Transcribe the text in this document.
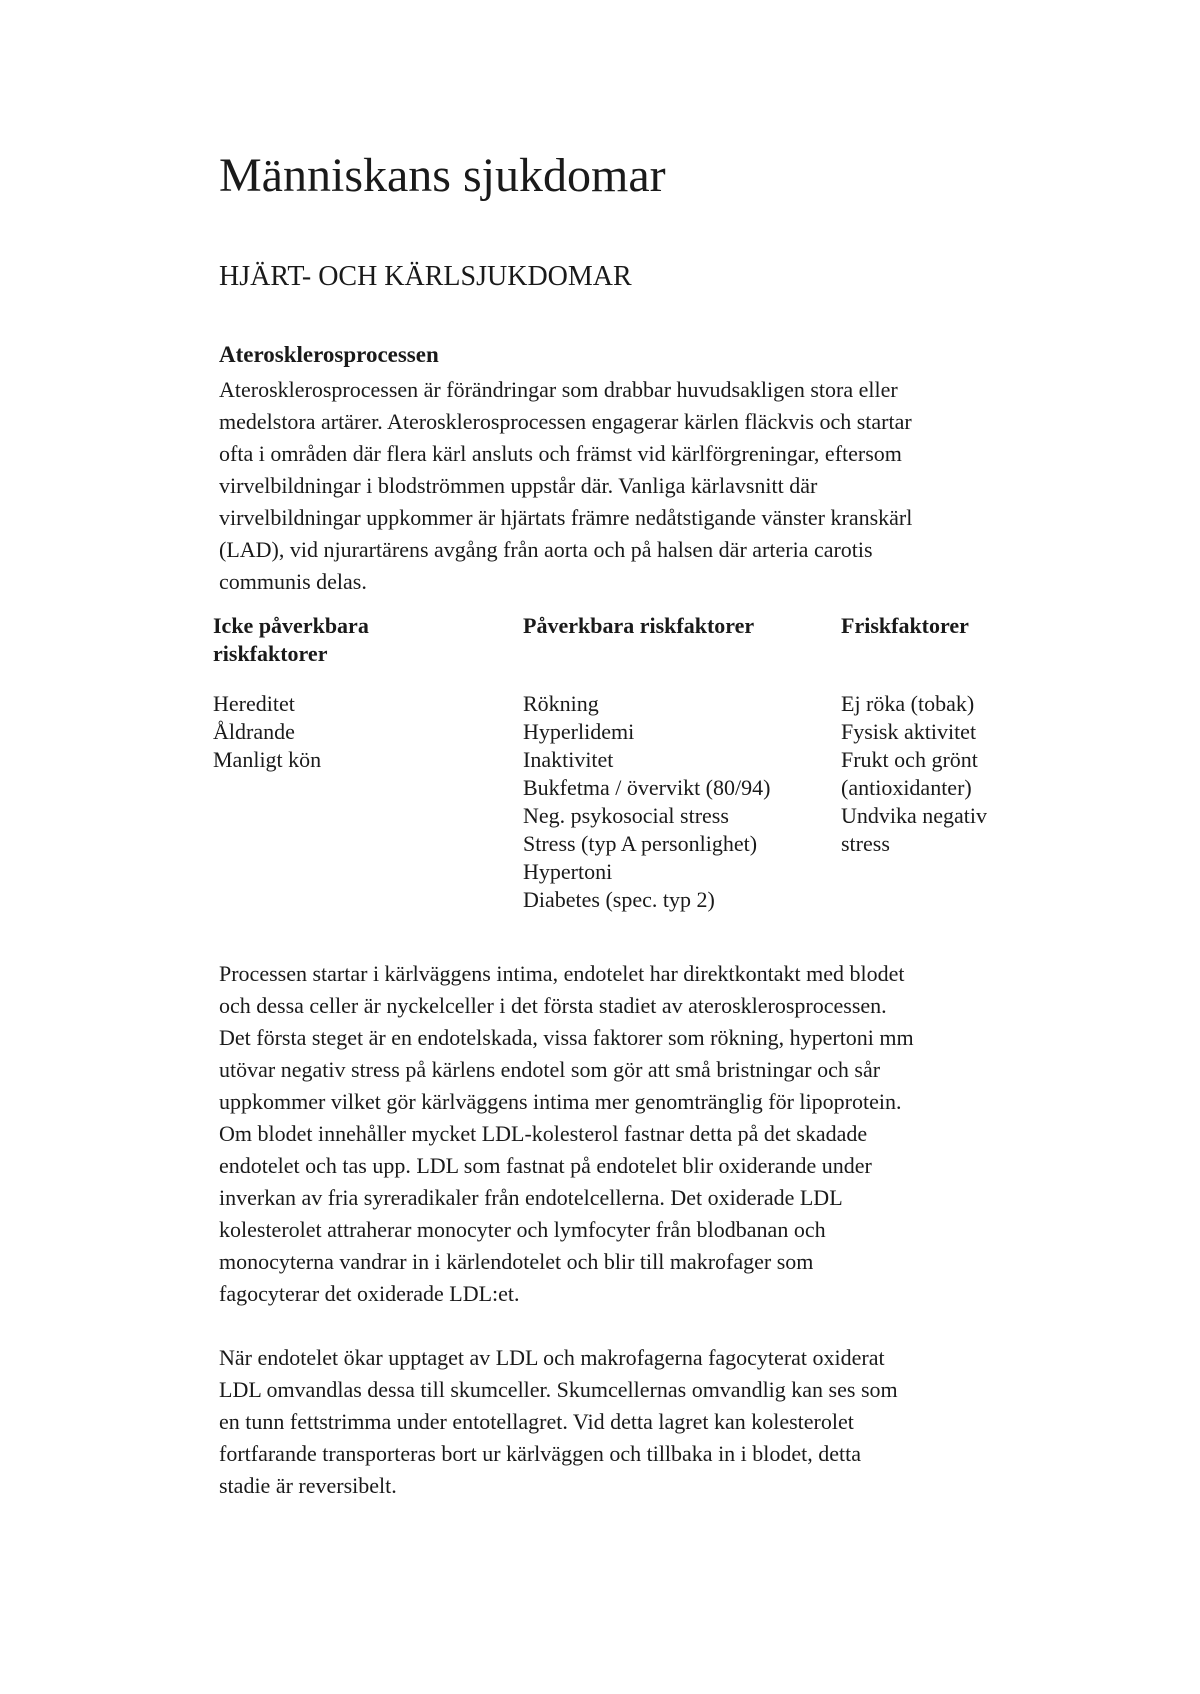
Människans sjukdomar
HJÄRT- OCH KÄRLSJUKDOMAR
Aterosklerosprocessen

Aterosklerosprocessen är förändringar som drabbar huvudsakligen stora eller
medelstora artärer. Aterosklerosprocessen engagerar kärlen fläckvis och startar
ofta i områden där flera kärl ansluts och främst vid kärlförgreningar, eftersom
virvelbildningar i blodströmmen uppstår där. Vanliga kärlavsnitt där
virvelbildningar uppkommer är hjärtats främre nedåtstigande vänster kranskärl
(LAD), vid njurartärens avgång från aorta och på halsen där arteria carotis
communis delas.

Icke påverkbara
riskfaktorer
Hereditet
Åldrande
Manligt kön
Påverkbara riskfaktorer
Rökning
Hyperlidemi
Inaktivitet
Bukfetma / övervikt (80/94)
Neg. psykosocial stress
Stress (typ A personlighet)
Hypertoni
Diabetes (spec. typ 2)
Friskfaktorer
Ej röka (tobak)
Fysisk aktivitet
Frukt och grönt
(antioxidanter)
Undvika negativ
stress

Processen startar i kärlväggens intima, endotelet har direktkontakt med blodet
och dessa celler är nyckelceller i det första stadiet av aterosklerosprocessen.
Det första steget är en endotelskada, vissa faktorer som rökning, hypertoni mm
utövar negativ stress på kärlens endotel som gör att små bristningar och sår
uppkommer vilket gör kärlväggens intima mer genomtränglig för lipoprotein.
Om blodet innehåller mycket LDL-kolesterol fastnar detta på det skadade
endotelet och tas upp. LDL som fastnat på endotelet blir oxiderande under
inverkan av fria syreradikaler från endotelcellerna. Det oxiderade LDL
kolesterolet attraherar monocyter och lymfocyter från blodbanan och
monocyterna vandrar in i kärlendotelet och blir till makrofager som
fagocyterar det oxiderade LDL:et.

När endotelet ökar upptaget av LDL och makrofagerna fagocyterat oxiderat
LDL omvandlas dessa till skumceller. Skumcellernas omvandlig kan ses som
en tunn fettstrimma under entotellagret. Vid detta lagret kan kolesterolet
fortfarande transporteras bort ur kärlväggen och tillbaka in i blodet, detta
stadie är reversibelt.
